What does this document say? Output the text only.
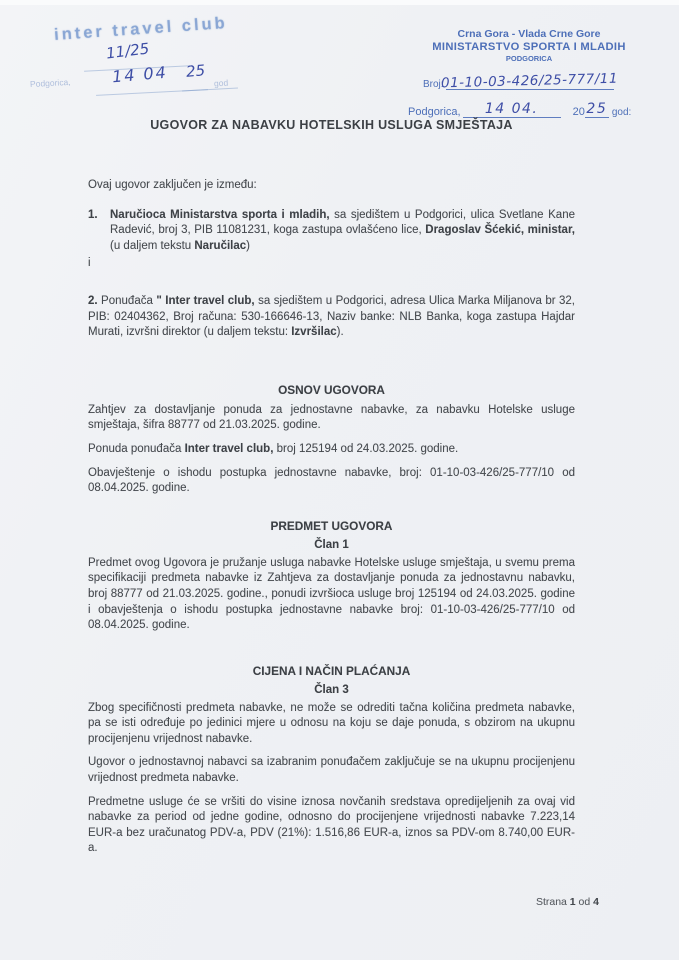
inter travel club
Podgorica,	god
11/25
14 04 25
Crna Gora - Vlada Crne Gore
MINISTARSTVO SPORTA I MLADIH
PODGORICA
Broj:
01-10-03-426/25-777/11
Podgorica, 14 04.	20 25 god:
UGOVOR ZA NABAVKU HOTELSKIH USLUGA SMJEŠTAJA

Ovaj ugovor zaključen je između:

1.	Naručioca Ministarstva sporta i mladih, sa sjedištem u Podgorici, ulica Svetlane Kane Radević, broj 3, PIB 11081231, koga zastupa ovlašćeno lice, Dragoslav Šćekić, ministar, (u daljem tekstu Naručilac)

i

2. Ponuđača " Inter travel club, sa sjedištem u Podgorici, adresa Ulica Marka Miljanova br 32, PIB: 02404362, Broj računa: 530-166646-13, Naziv banke: NLB Banka, koga zastupa Hajdar Murati, izvršni direktor (u daljem tekstu: Izvršilac).

OSNOV UGOVORA

Zahtjev za dostavljanje ponuda za jednostavne nabavke, za nabavku Hotelske usluge smještaja, šifra 88777 od 21.03.2025. godine.

Ponuda ponuđača Inter travel club, broj 125194 od 24.03.2025. godine.

Obavještenje o ishodu postupka jednostavne nabavke, broj: 01-10-03-426/25-777/10 od 08.04.2025. godine.

PREDMET UGOVORA
Član 1

Predmet ovog Ugovora je pružanje usluga nabavke Hotelske usluge smještaja, u svemu prema specifikaciji predmeta nabavke iz Zahtjeva za dostavljanje ponuda za jednostavnu nabavku, broj 88777 od 21.03.2025. godine., ponudi izvršioca usluge broj 125194 od 24.03.2025. godine i obavještenja o ishodu postupka jednostavne nabavke broj: 01-10-03-426/25-777/10 od 08.04.2025. godine.

CIJENA I NAČIN PLAĆANJA
Član 3

Zbog specifičnosti predmeta nabavke, ne može se odrediti tačna količina predmeta nabavke, pa se isti određuje po jedinici mjere u odnosu na koju se daje ponuda, s obzirom na ukupnu procijenjenu vrijednost nabavke.

Ugovor o jednostavnoj nabavci sa izabranim ponuđačem zaključuje se na ukupnu procijenjenu vrijednost predmeta nabavke.

Predmetne usluge će se vršiti do visine iznosa novčanih sredstava opredijeljenih za ovaj vid nabavke za period od jedne godine, odnosno do procijenjene vrijednosti nabavke 7.223,14 EUR-a bez uračunatog PDV-a, PDV (21%): 1.516,86 EUR-a, iznos sa PDV-om 8.740,00 EUR-a.

Strana 1 od 4
